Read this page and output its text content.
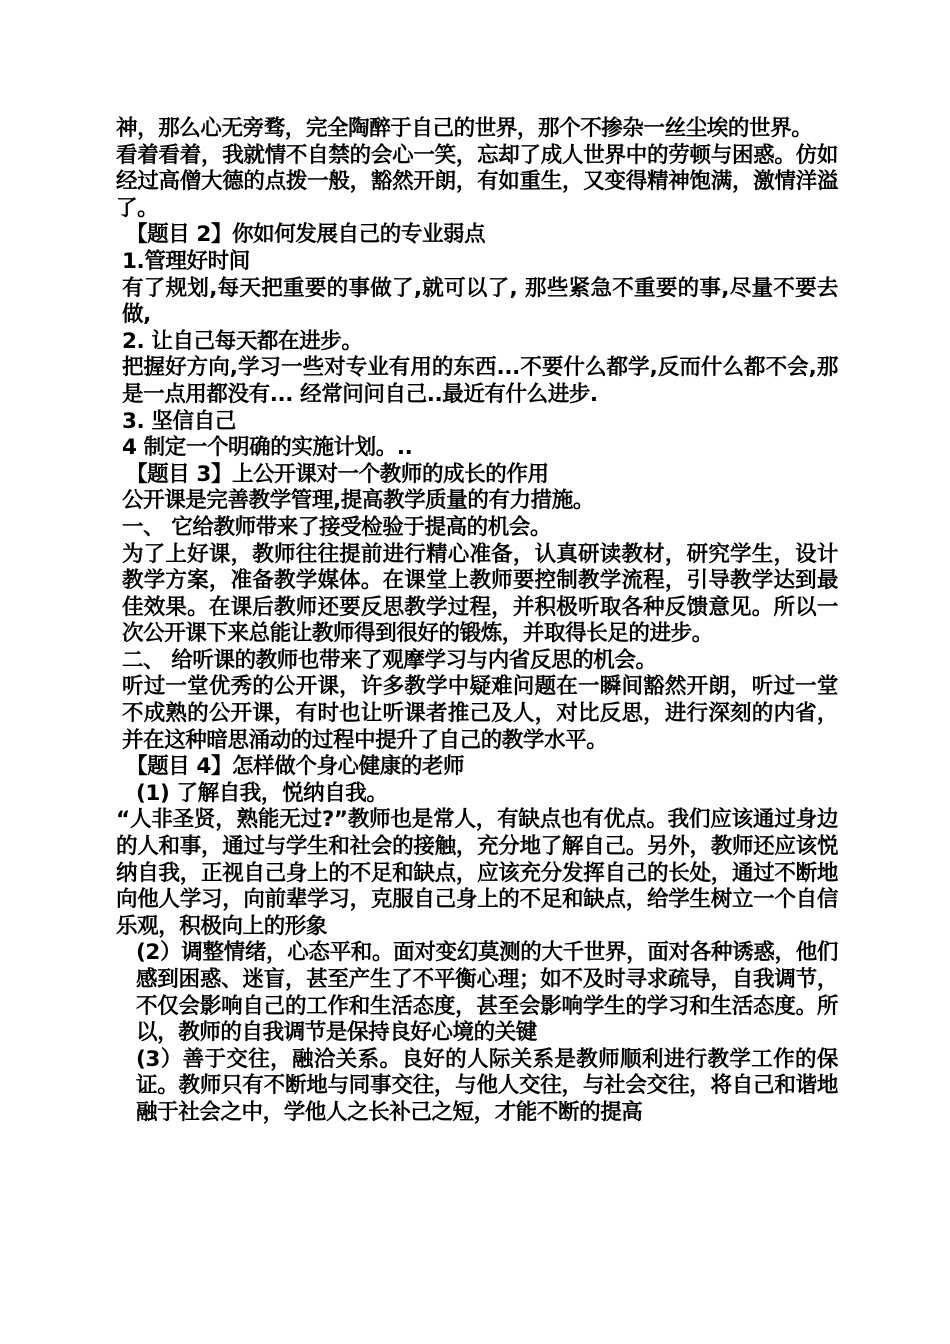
神，那么心无旁骛，完全陶醉于自己的世界，那个不掺杂一丝尘埃的世界。

看着看着，我就情不自禁的会心一笑，忘却了成人世界中的劳顿与困惑。仿如经过高僧大德的点拨一般，豁然开朗，有如重生，又变得精神饱满，激情洋溢了。

【题目 2】你如何发展自己的专业弱点

1.管理好时间

有了规划,每天把重要的事做了,就可以了, 那些紧急不重要的事,尽量不要去做,

2. 让自己每天都在进步。

把握好方向,学习一些对专业有用的东西...不要什么都学,反而什么都不会,那是一点用都没有... 经常问问自己..最近有什么进步.

3. 坚信自己

4 制定一个明确的实施计划。..

【题目 3】上公开课对一个教师的成长的作用

公开课是完善教学管理,提高教学质量的有力措施。

一、 它给教师带来了接受检验于提高的机会。

为了上好课，教师往往提前进行精心准备，认真研读教材，研究学生，设计教学方案，准备教学媒体。在课堂上教师要控制教学流程，引导教学达到最佳效果。在课后教师还要反思教学过程，并积极听取各种反馈意见。所以一次公开课下来总能让教师得到很好的锻炼，并取得长足的进步。

二、 给听课的教师也带来了观摩学习与内省反思的机会。

听过一堂优秀的公开课，许多教学中疑难问题在一瞬间豁然开朗，听过一堂不成熟的公开课，有时也让听课者推己及人，对比反思，进行深刻的内省，并在这种暗思涌动的过程中提升了自己的教学水平。

【题目 4】怎样做个身心健康的老师

(1) 了解自我，悦纳自我。

“人非圣贤，熟能无过?”教师也是常人，有缺点也有优点。我们应该通过身边的人和事，通过与学生和社会的接触，充分地了解自己。另外，教师还应该悦纳自我，正视自己身上的不足和缺点，应该充分发挥自己的长处，通过不断地向他人学习，向前辈学习，克服自己身上的不足和缺点，给学生树立一个自信乐观，积极向上的形象

(2）调整情绪，心态平和。面对变幻莫测的大千世界，面对各种诱惑，他们感到困惑、迷盲，甚至产生了不平衡心理；如不及时寻求疏导，自我调节，不仅会影响自己的工作和生活态度，甚至会影响学生的学习和生活态度。所以，教师的自我调节是保持良好心境的关键

(3）善于交往，融洽关系。良好的人际关系是教师顺利进行教学工作的保证。教师只有不断地与同事交往，与他人交往，与社会交往，将自己和谐地融于社会之中，学他人之长补己之短，才能不断的提高
